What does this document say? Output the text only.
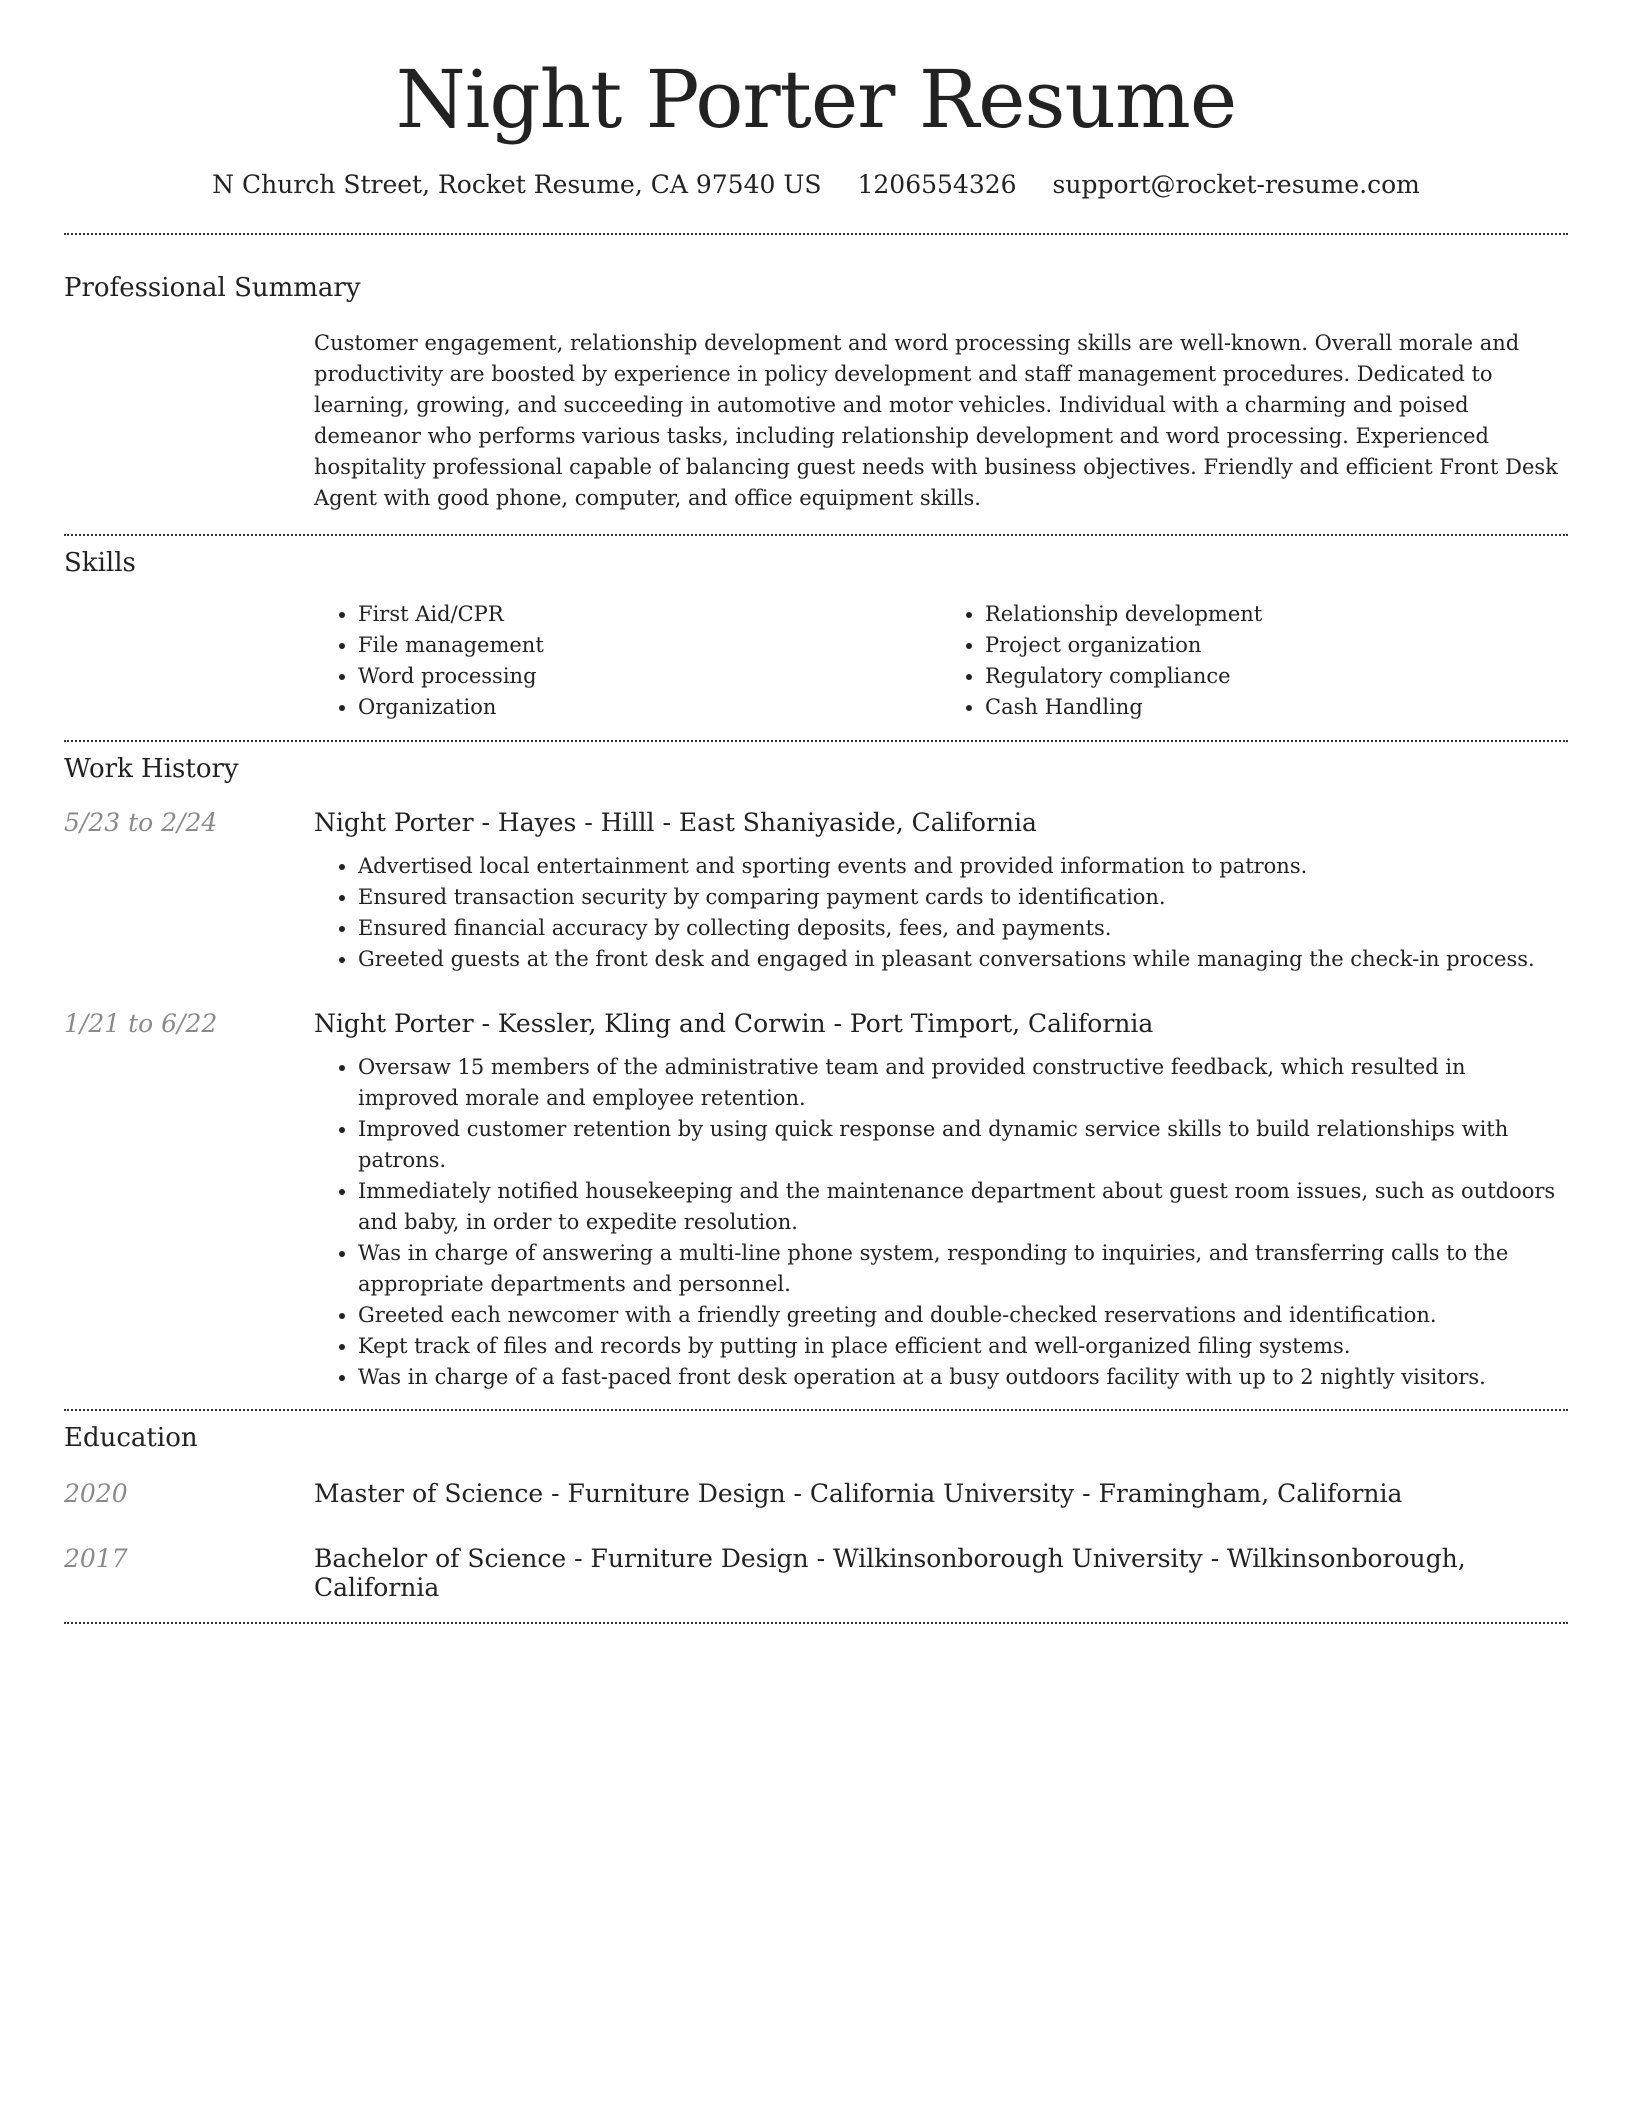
Night Porter Resume
N Church Street, Rocket Resume, CA 97540 US 1206554326 support@rocket-resume.com
Professional Summary
Customer engagement, relationship development and word processing skills are well-known. Overall morale and productivity are boosted by experience in policy development and staff management procedures. Dedicated to learning, growing, and succeeding in automotive and motor vehicles. Individual with a charming and poised demeanor who performs various tasks, including relationship development and word processing. Experienced hospitality professional capable of balancing guest needs with business objectives. Friendly and efficient Front Desk Agent with good phone, computer, and office equipment skills.
Skills
• First Aid/CPR
• File management
• Word processing
• Organization
• Relationship development
• Project organization
• Regulatory compliance
• Cash Handling
Work History
5/23 to 2/24	Night Porter - Hayes - Hilll - East Shaniyaside, California
• Advertised local entertainment and sporting events and provided information to patrons.
• Ensured transaction security by comparing payment cards to identification.
• Ensured financial accuracy by collecting deposits, fees, and payments.
• Greeted guests at the front desk and engaged in pleasant conversations while managing the check-in process.
1/21 to 6/22	Night Porter - Kessler, Kling and Corwin - Port Timport, California
• Oversaw 15 members of the administrative team and provided constructive feedback, which resulted in improved morale and employee retention.
• Improved customer retention by using quick response and dynamic service skills to build relationships with patrons.
• Immediately notified housekeeping and the maintenance department about guest room issues, such as outdoors and baby, in order to expedite resolution.
• Was in charge of answering a multi-line phone system, responding to inquiries, and transferring calls to the appropriate departments and personnel.
• Greeted each newcomer with a friendly greeting and double-checked reservations and identification.
• Kept track of files and records by putting in place efficient and well-organized filing systems.
• Was in charge of a fast-paced front desk operation at a busy outdoors facility with up to 2 nightly visitors.
Education
2020	Master of Science - Furniture Design - California University - Framingham, California
2017	Bachelor of Science - Furniture Design - Wilkinsonborough University - Wilkinsonborough, California
